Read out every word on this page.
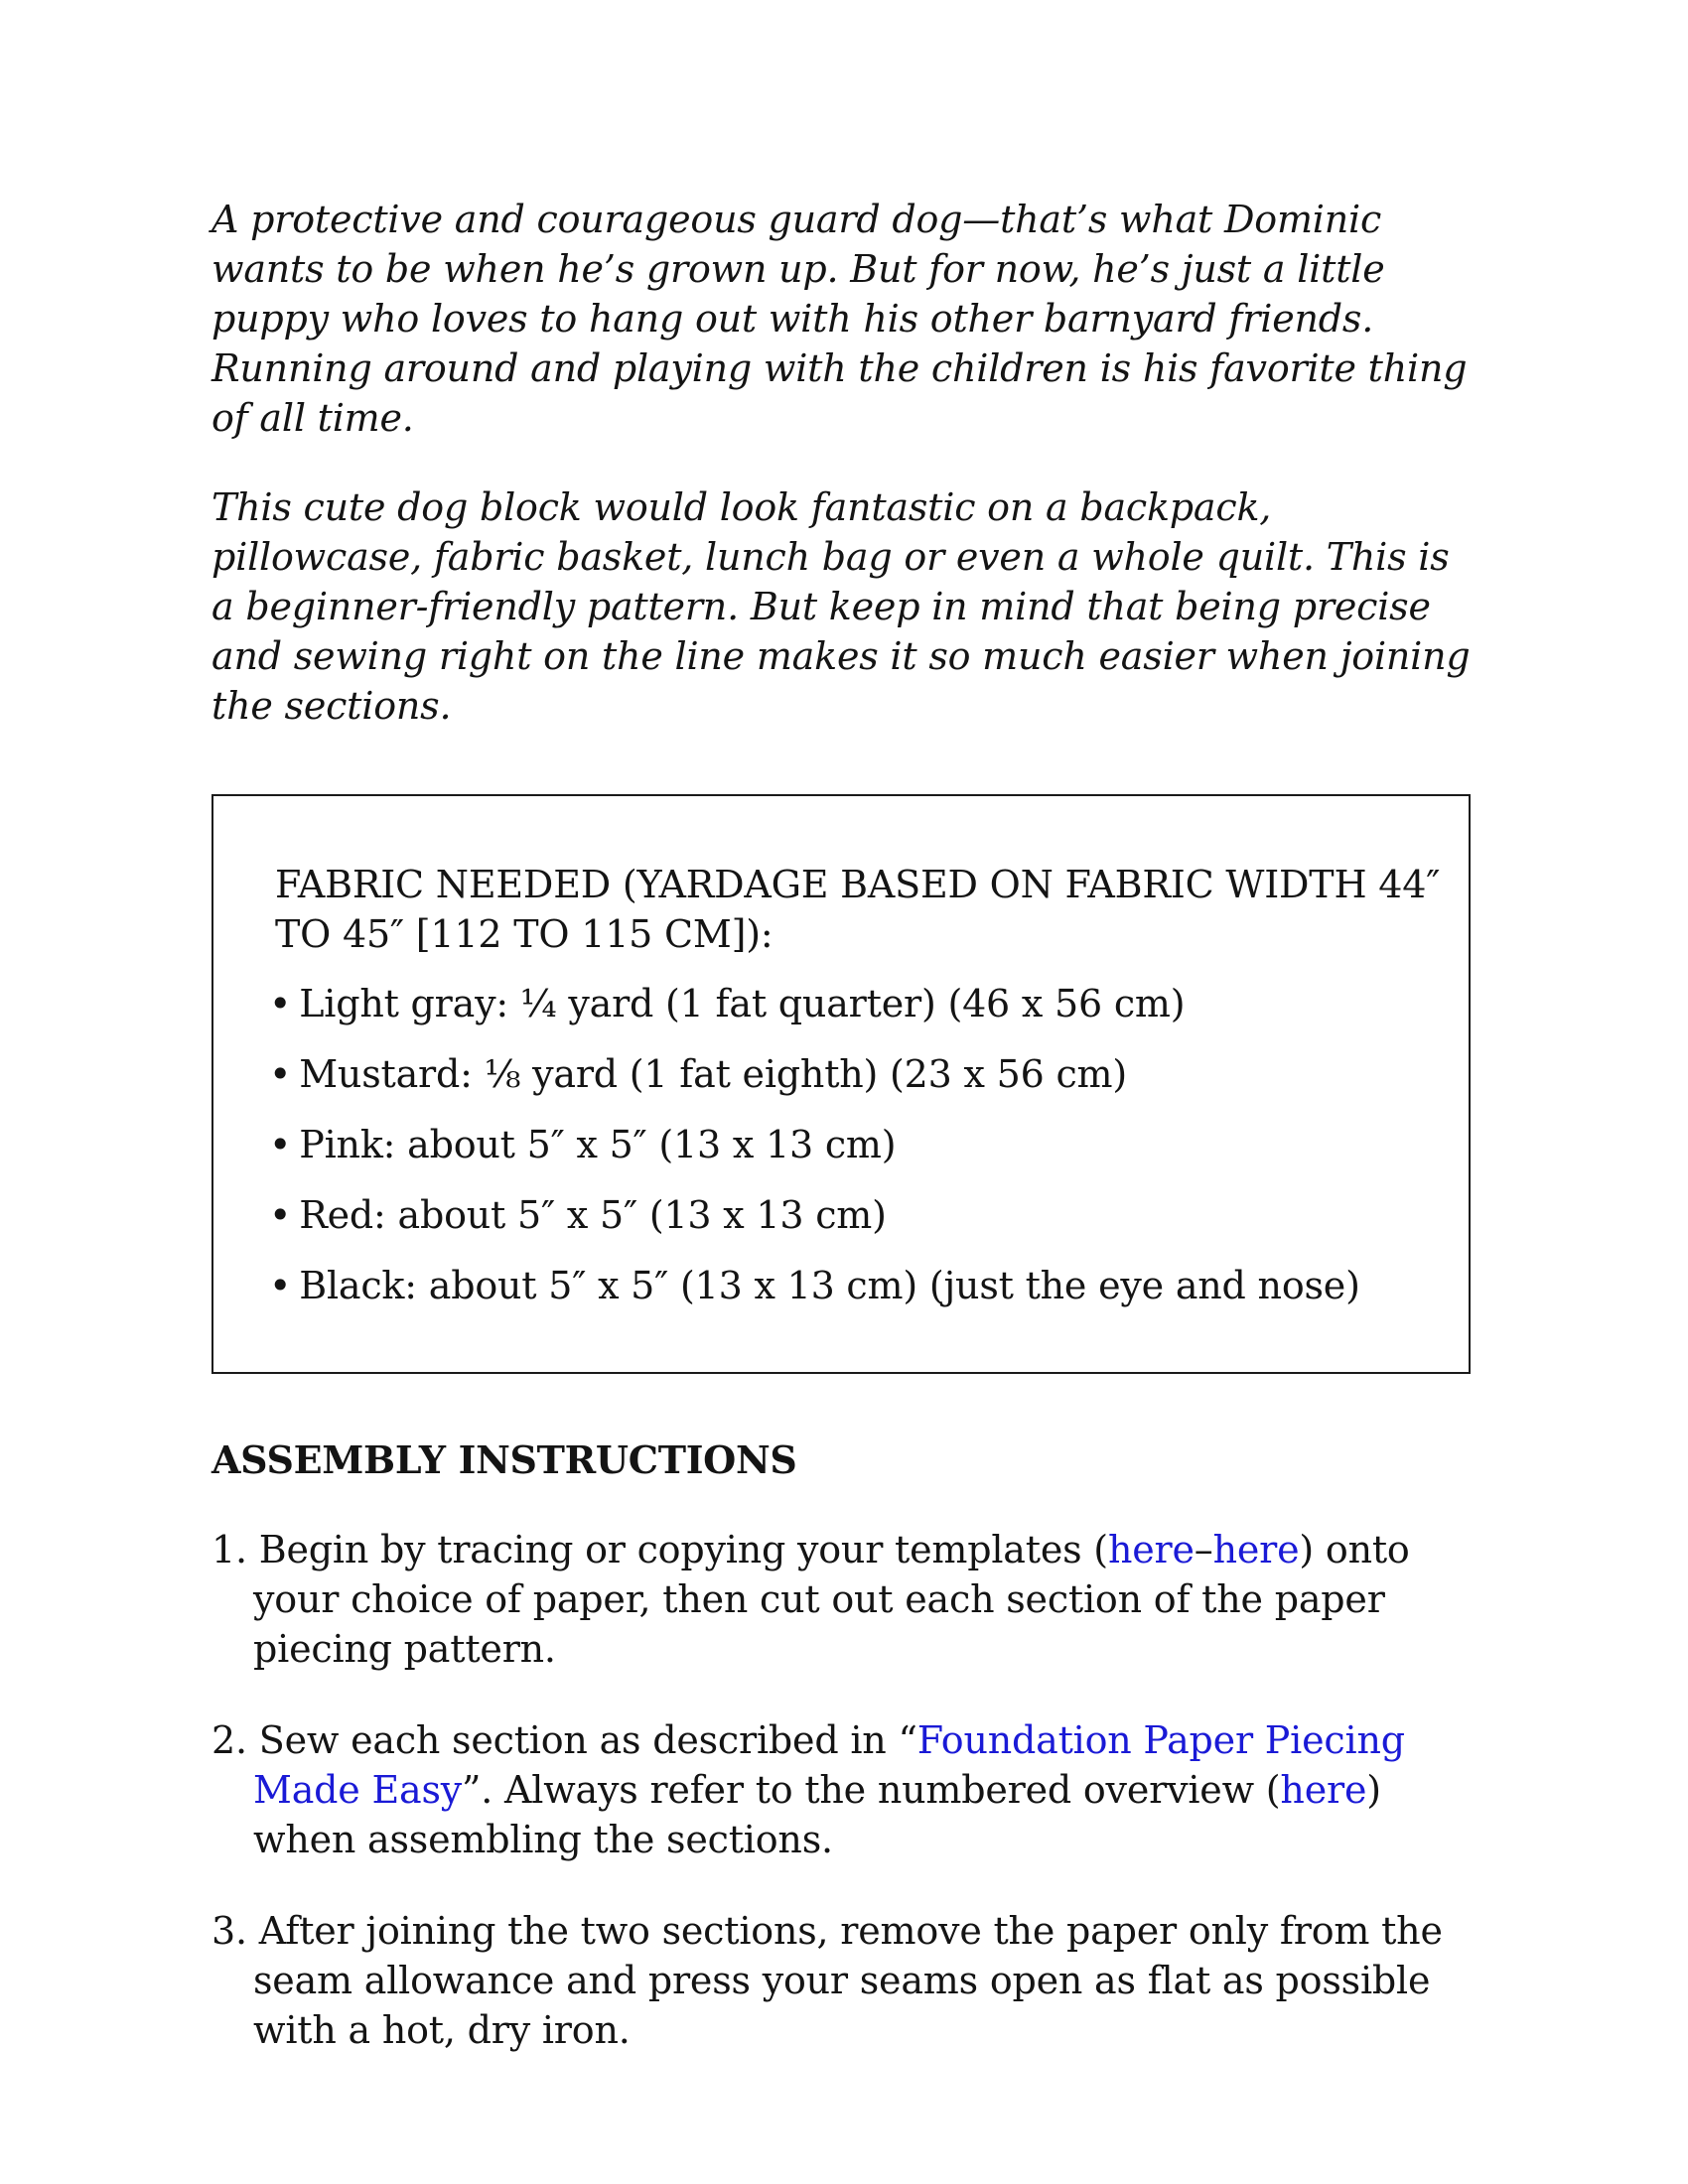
A protective and courageous guard dog—that’s what Dominic wants to be when he’s grown up. But for now, he’s just a little puppy who loves to hang out with his other barnyard friends. Running around and playing with the children is his favorite thing of all time.

This cute dog block would look fantastic on a backpack, pillowcase, fabric basket, lunch bag or even a whole quilt. This is a beginner-friendly pattern. But keep in mind that being precise and sewing right on the line makes it so much easier when joining the sections.

FABRIC NEEDED (YARDAGE BASED ON FABRIC WIDTH 44″ TO 45″ [112 TO 115 CM]):

• Light gray: ¼ yard (1 fat quarter) (46 x 56 cm)
• Mustard: ⅛ yard (1 fat eighth) (23 x 56 cm)
• Pink: about 5″ x 5″ (13 x 13 cm)
• Red: about 5″ x 5″ (13 x 13 cm)
• Black: about 5″ x 5″ (13 x 13 cm) (just the eye and nose)
ASSEMBLY INSTRUCTIONS
1. Begin by tracing or copying your templates (here–here) onto your choice of paper, then cut out each section of the paper piecing pattern.
2. Sew each section as described in “Foundation Paper Piecing Made Easy”. Always refer to the numbered overview (here) when assembling the sections.
3. After joining the two sections, remove the paper only from the seam allowance and press your seams open as flat as possible with a hot, dry iron.
